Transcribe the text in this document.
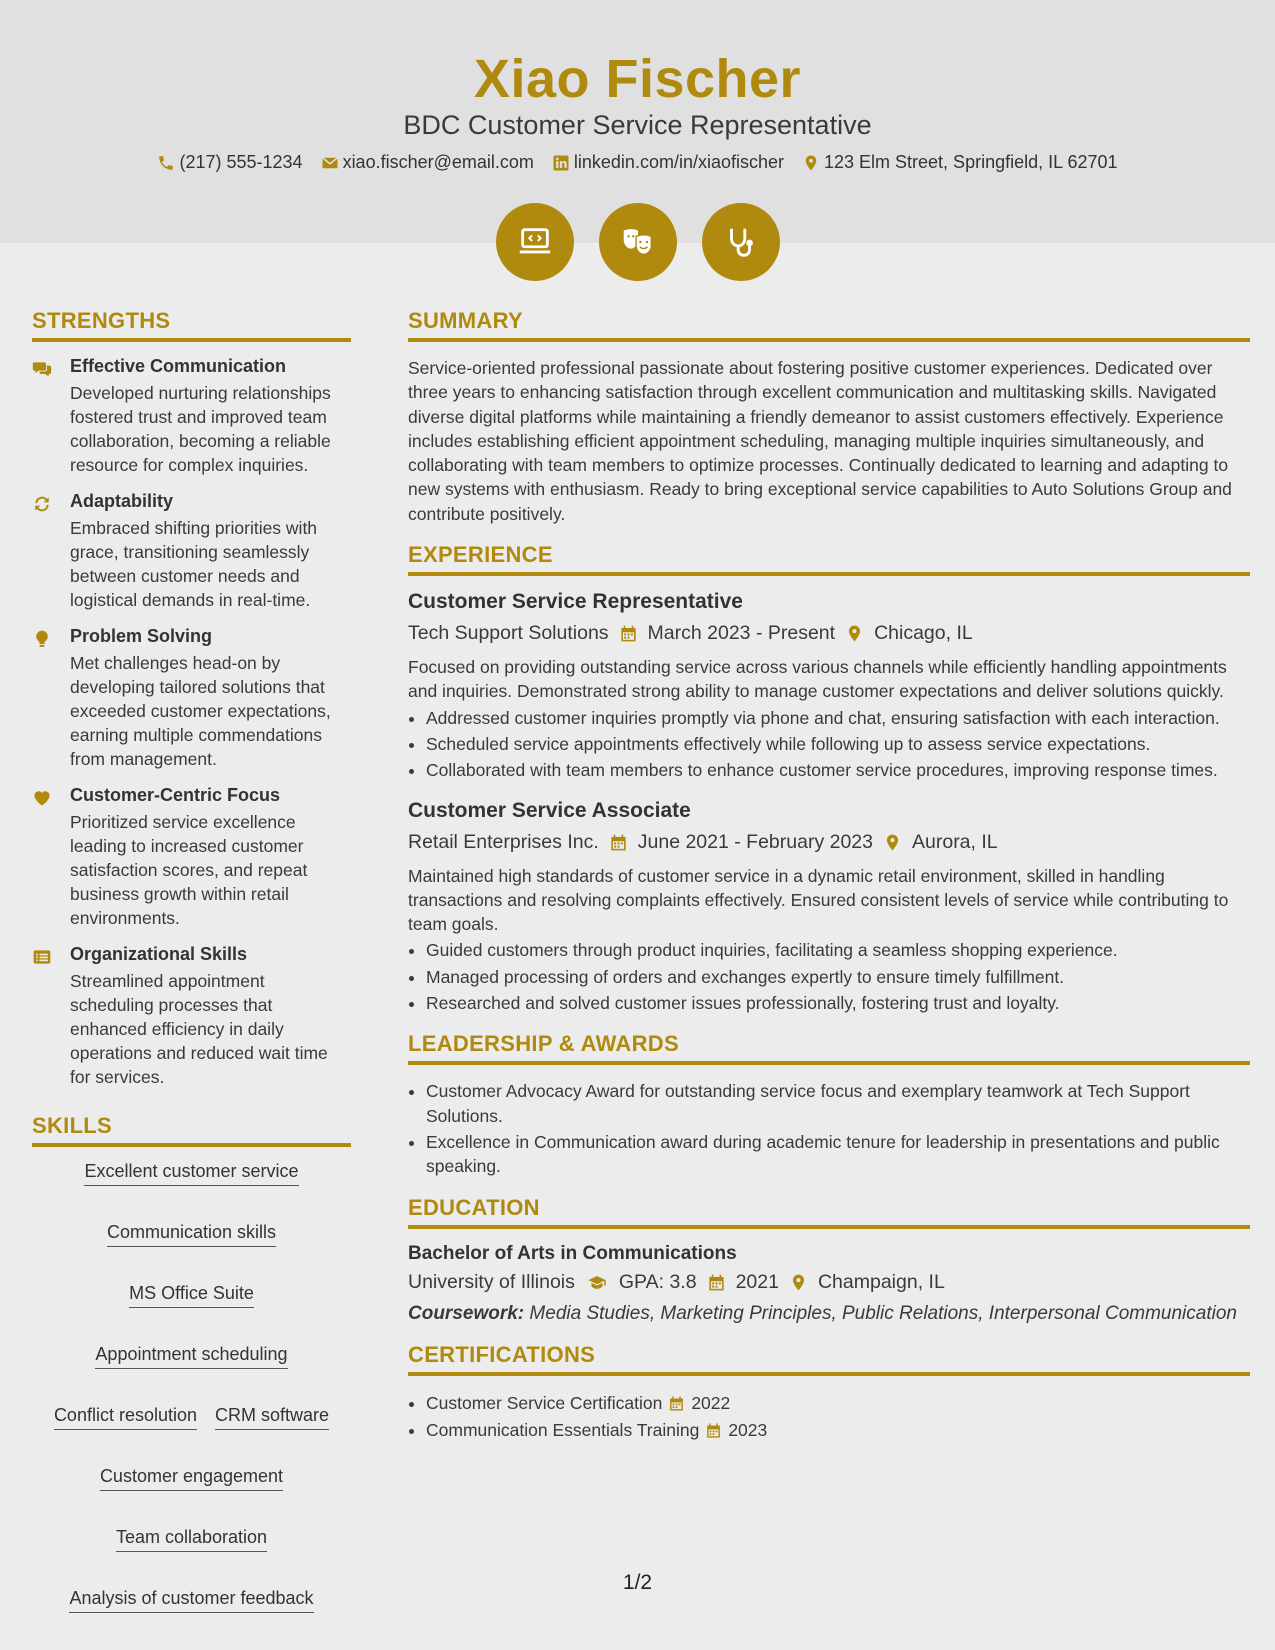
Xiao Fischer
BDC Customer Service Representative
(217) 555-1234 xiao.fischer@email.com linkedin.com/in/xiaofischer 123 Elm Street, Springfield, IL 62701
STRENGTHS
Effective Communication
Developed nurturing relationships fostered trust and improved team collaboration, becoming a reliable resource for complex inquiries.
Adaptability
Embraced shifting priorities with grace, transitioning seamlessly between customer needs and logistical demands in real-time.
Problem Solving
Met challenges head-on by developing tailored solutions that exceeded customer expectations, earning multiple commendations from management.
Customer-Centric Focus
Prioritized service excellence leading to increased customer satisfaction scores, and repeat business growth within retail environments.
Organizational Skills
Streamlined appointment scheduling processes that enhanced efficiency in daily operations and reduced wait time for services.
SKILLS
Excellent customer service
Communication skills
MS Office Suite
Appointment scheduling
Conflict resolution CRM software
Customer engagement
Team collaboration
Analysis of customer feedback
SUMMARY
Service-oriented professional passionate about fostering positive customer experiences. Dedicated over three years to enhancing satisfaction through excellent communication and multitasking skills. Navigated diverse digital platforms while maintaining a friendly demeanor to assist customers effectively. Experience includes establishing efficient appointment scheduling, managing multiple inquiries simultaneously, and collaborating with team members to optimize processes. Continually dedicated to learning and adapting to new systems with enthusiasm. Ready to bring exceptional service capabilities to Auto Solutions Group and contribute positively.
EXPERIENCE
Customer Service Representative
Tech Support Solutions March 2023 - Present Chicago, IL
Focused on providing outstanding service across various channels while efficiently handling appointments and inquiries. Demonstrated strong ability to manage customer expectations and deliver solutions quickly.
• Addressed customer inquiries promptly via phone and chat, ensuring satisfaction with each interaction.
• Scheduled service appointments effectively while following up to assess service expectations.
• Collaborated with team members to enhance customer service procedures, improving response times.
Customer Service Associate
Retail Enterprises Inc. June 2021 - February 2023 Aurora, IL
Maintained high standards of customer service in a dynamic retail environment, skilled in handling transactions and resolving complaints effectively. Ensured consistent levels of service while contributing to team goals.
• Guided customers through product inquiries, facilitating a seamless shopping experience.
• Managed processing of orders and exchanges expertly to ensure timely fulfillment.
• Researched and solved customer issues professionally, fostering trust and loyalty.
LEADERSHIP & AWARDS
• Customer Advocacy Award for outstanding service focus and exemplary teamwork at Tech Support Solutions.
• Excellence in Communication award during academic tenure for leadership in presentations and public speaking.
EDUCATION
Bachelor of Arts in Communications
University of Illinois GPA: 3.8 2021 Champaign, IL
Coursework: Media Studies, Marketing Principles, Public Relations, Interpersonal Communication
CERTIFICATIONS
• Customer Service Certification 2022
• Communication Essentials Training 2023
1/2
